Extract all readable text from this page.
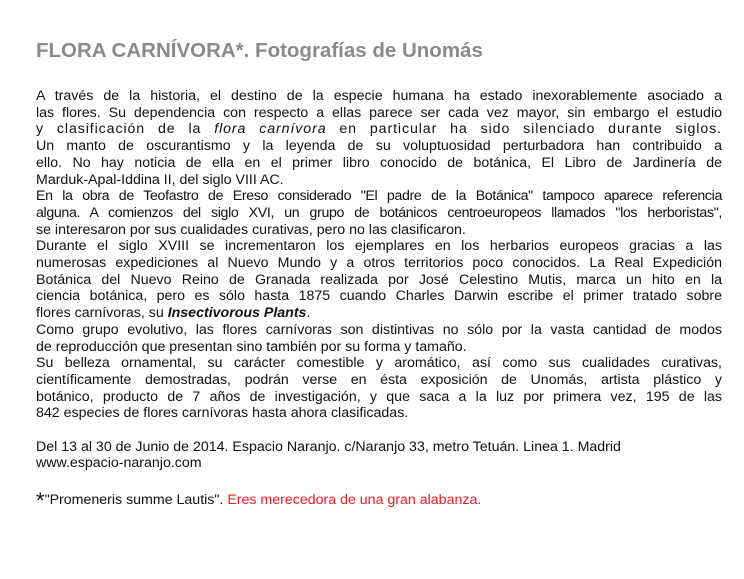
FLORA CARNÍVORA*. Fotografías de Unomás
A través de la historia, el destino de la especie humana ha estado inexorablemente asociado a
las flores. Su dependencia con respecto a ellas parece ser cada vez mayor, sin embargo el estudio
y clasificación de la flora carnívora en particular ha sido silenciado durante siglos.
Un manto de oscurantismo y la leyenda de su voluptuosidad perturbadora han contribuido a
ello. No hay noticia de ella en el primer libro conocido de botánica, El Libro de Jardinería de
Marduk-Apal-Iddina II, del siglo VIII AC.
En la obra de Teofastro de Ereso considerado "El padre de la Botánica" tampoco aparece referencia
alguna. A comienzos del siglo XVI, un grupo de botánicos centroeuropeos llamados "los herboristas",
se interesaron por sus cualidades curativas, pero no las clasificaron.
Durante el siglo XVIII se incrementaron los ejemplares en los herbarios europeos gracias a las
numerosas expediciones al Nuevo Mundo y a otros territorios poco conocidos. La Real Expedición
Botánica del Nuevo Reino de Granada realizada por José Celestino Mutis, marca un hito en la
ciencia botánica, pero es sólo hasta 1875 cuando Charles Darwin escribe el primer tratado sobre
flores carnívoras, su Insectivorous Plants.
Como grupo evolutivo, las flores carnívoras son distintivas no sólo por la vasta cantidad de modos
de reproducción que presentan sino también por su forma y tamaño.
Su belleza ornamental, su carácter comestible y aromático, así como sus cualidades curativas,
científicamente demostradas, podrán verse en ésta exposición de Unomás, artista plástico y
botánico, producto de 7 años de investigación, y que saca a la luz por primera vez, 195 de las
842 especies de flores carnívoras hasta ahora clasificadas.
Del 13 al 30 de Junio de 2014. Espacio Naranjo. c/Naranjo 33, metro Tetuán. Linea 1. Madrid
www.espacio-naranjo.com
*"Promeneris summe Lautis". Eres merecedora de una gran alabanza.
